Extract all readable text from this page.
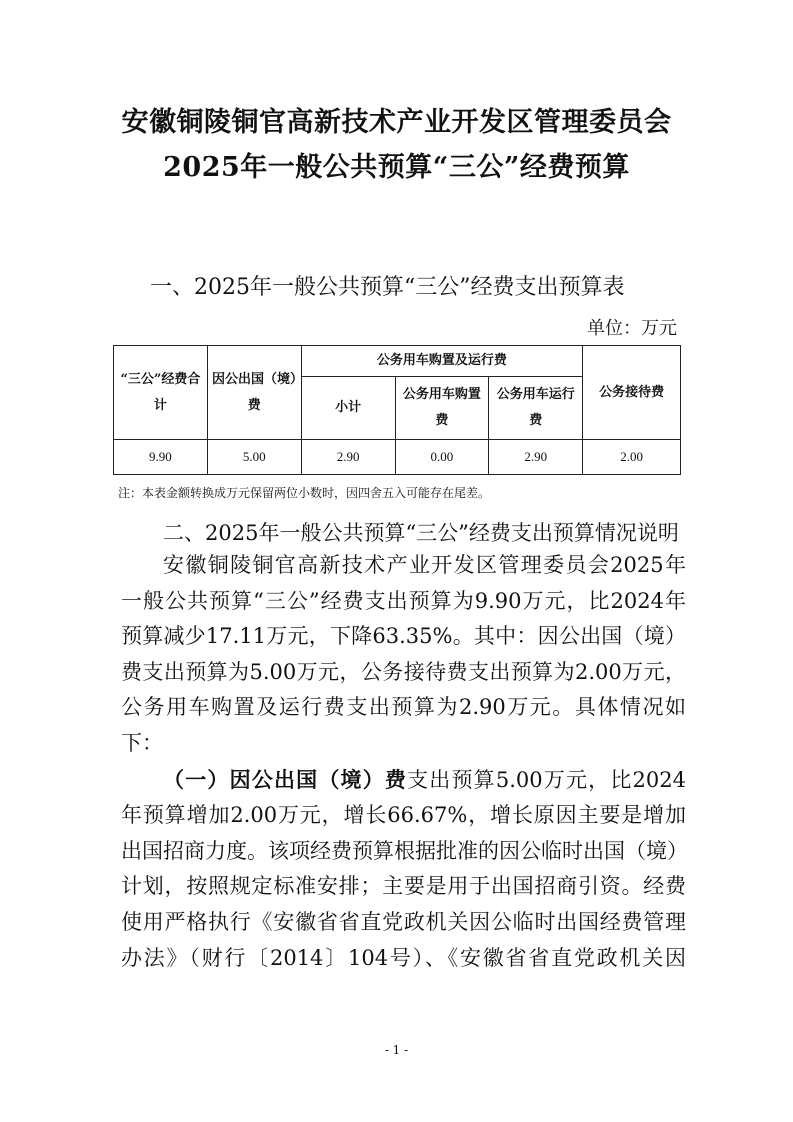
安徽铜陵铜官高新技术产业开发区管理委员会
2025年一般公共预算“三公”经费预算
一、2025年一般公共预算“三公”经费支出预算表
单位：万元
“三公”经费合计	因公出国（境）费	公务用车购置及运行费			公务接待费
		小计	公务用车购置费	公务用车运行费	
9.90	5.00	2.90	0.00	2.90	2.00
注：本表金额转换成万元保留两位小数时，因四舍五入可能存在尾差。
二、2025年一般公共预算“三公”经费支出预算情况说明

安徽铜陵铜官高新技术产业开发区管理委员会2025年

一般公共预算“三公”经费支出预算为9.90万元，比2024年

预算减少17.11万元，下降63.35%。其中：因公出国（境）

费支出预算为5.00万元，公务接待费支出预算为2.00万元，

公务用车购置及运行费支出预算为2.90万元。具体情况如下：

（一）因公出国（境）费支出预算5.00万元，比2024

年预算增加2.00万元，增长66.67%，增长原因主要是增加

出国招商力度。该项经费预算根据批准的因公临时出国（境）

计划，按照规定标准安排；主要是用于出国招商引资。经费

使用严格执行《安徽省省直党政机关因公临时出国经费管理

办法》（财行〔2014〕104号）、《安徽省省直党政机关因

- 1 -
